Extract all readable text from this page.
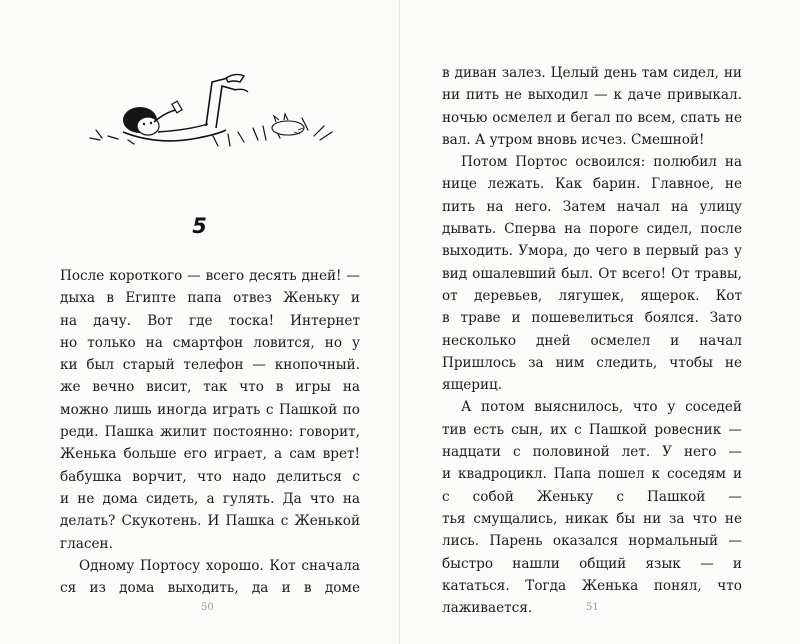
5
После короткого — всего десять дней! —
дыха в Египте папа отвез Женьку и
на дачу. Вот где тоска! Интернет
но только на смартфон ловится, но у
ки был старый телефон — кнопочный.
же вечно висит, так что в игры на
можно лишь иногда играть с Пашкой по
реди. Пашка жилит постоянно: говорит,
Женька больше его играет, а сам врет!
бабушка ворчит, что надо делиться с
и не дома сидеть, а гулять. Да что на
делать? Скукотень. И Пашка с Женькой
гласен.
Одному Портосу хорошо. Кот сначала
ся из дома выходить, да и в доме
50	51
в диван залез. Целый день там сидел, ни
ни пить не выходил — к даче привыкал.
ночью осмелел и бегал по всем, спать не
вал. А утром вновь исчез. Смешной!
Потом Портос освоился: полюбил на
нице лежать. Как барин. Главное, не
пить на него. Затем начал на улицу
дывать. Сперва на пороге сидел, после
выходить. Умора, до чего в первый раз у
вид ошалевший был. От всего! От травы,
от деревьев, лягушек, ящерок. Кот
в траве и пошевелиться боялся. Зато
несколько дней осмелел и начал
Пришлось за ним следить, чтобы не
ящериц.
А потом выяснилось, что у соседей
тив есть сын, их с Пашкой ровесник —
надцати с половиной лет. У него —
и квадроцикл. Папа пошел к соседям и
с собой Женьку с Пашкой —
тья смущались, никак бы ни за что не
лись. Парень оказался нормальный —
быстро нашли общий язык — и
кататься. Тогда Женька понял, что
лаживается.
